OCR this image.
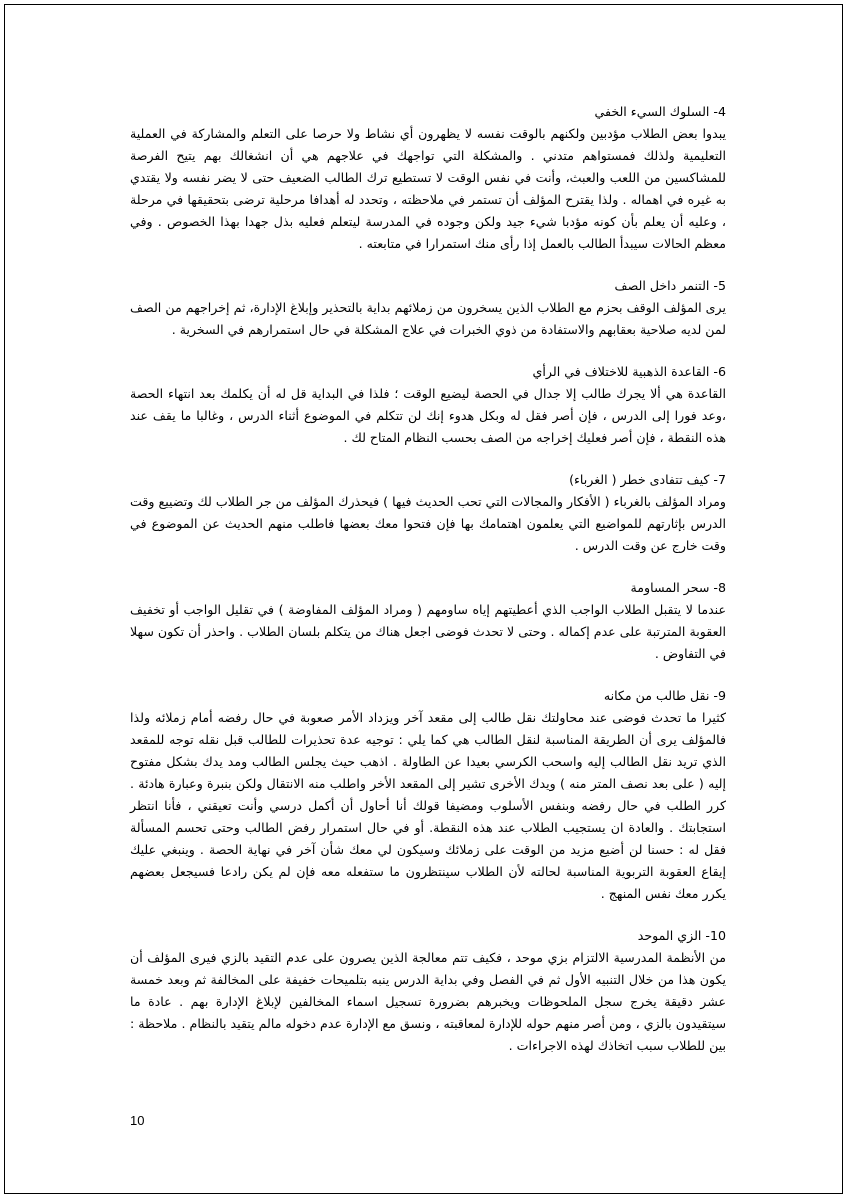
4- السلوك السيء الخفي
يبدوا بعض الطلاب مؤدبين ولكنهم بالوقت نفسه لا يظهرون أي نشاط ولا حرصا على التعلم والمشاركة في العملية التعليمية ولذلك فمستواهم متدني . والمشكلة التي تواجهك في علاجهم هي أن انشغالك بهم يتيح الفرصة للمشاكسين من اللعب والعبث، وأنت في نفس الوقت لا تستطيع ترك الطالب الضعيف حتى لا يضر نفسه ولا يقتدي به غيره في اهماله . ولذا يقترح المؤلف أن تستمر في ملاحظته ، وتحدد له أهدافا مرحلية ترضى بتحقيقها في مرحلة ، وعليه أن يعلم بأن كونه مؤدبا شيء جيد ولكن وجوده في المدرسة ليتعلم فعليه بذل جهدا بهذا الخصوص . وفي معظم الحالات سيبدأ الطالب بالعمل إذا رأى منك استمرارا في متابعته .
5- التنمر داخل الصف
يرى المؤلف الوقف بحزم مع الطلاب الذين يسخرون من زملائهم بداية بالتحذير وإبلاغ الإدارة، ثم إخراجهم من الصف لمن لديه صلاحية بعقابهم والاستفادة من ذوي الخبرات في علاج المشكلة في حال استمرارهم في السخرية .
6- القاعدة الذهبية للاختلاف في الرأي
القاعدة هي ألا يجرك طالب إلا جدال في الحصة ليضيع الوقت ؛ فلذا في البداية قل له أن يكلمك بعد انتهاء الحصة ،وعد فورا إلى الدرس ، فإن أصر فقل له وبكل هدوء إنك لن تتكلم في الموضوع أثناء الدرس ، وغالبا ما يقف عند هذه النقطة ، فإن أصر فعليك إخراجه من الصف بحسب النظام المتاح لك .
7- كيف تتفادى خطر ( الغرباء)
ومراد المؤلف بالغرباء ( الأفكار والمجالات التي تحب الحديث فيها ) فيحذرك المؤلف من جر الطلاب لك وتضييع وقت الدرس بإثارتهم للمواضيع التي يعلمون اهتمامك بها فإن فتحوا معك بعضها فاطلب منهم الحديث عن الموضوع في وقت خارج عن وقت الدرس .
8- سحر المساومة
عندما لا يتقبل الطلاب الواجب الذي أعطيتهم إياه ساومهم ( ومراد المؤلف المفاوضة ) في تقليل الواجب أو تخفيف العقوبة المترتبة على عدم إكماله . وحتى لا تحدث فوضى اجعل هناك من يتكلم بلسان الطلاب . واحذر أن تكون سهلا في التفاوض .
9- نقل طالب من مكانه
كثيرا ما تحدث فوضى عند محاولتك نقل طالب إلى مقعد آخر ويزداد الأمر صعوبة في حال رفضه أمام زملائه ولذا فالمؤلف يرى أن الطريقة المناسبة لنقل الطالب هي كما يلي : توجيه عدة تحذيرات للطالب قبل نقله توجه للمقعد الذي تريد نقل الطالب إليه واسحب الكرسي بعيدا عن الطاولة . اذهب حيث يجلس الطالب ومد يدك بشكل مفتوح إليه ( على بعد نصف المتر منه ) ويدك الأخرى تشير إلى المقعد الأخر واطلب منه الانتقال ولكن بنبرة وعبارة هادئة . كرر الطلب في حال رفضه وبنفس الأسلوب ومضيفا قولك أنا أحاول أن أكمل درسي وأنت تعيقني ، فأنا انتظر استجابتك . والعادة ان يستجيب الطلاب عند هذه النقطة. أو في حال استمرار رفض الطالب وحتى تحسم المسألة فقل له : حسنا لن أضيع مزيد من الوقت على زملائك وسيكون لي معك شأن آخر في نهاية الحصة . وينبغي عليك إيقاع العقوبة التربوية المناسبة لحالته لأن الطلاب سينتظرون ما ستفعله معه فإن لم يكن رادعا فسيجعل بعضهم يكرر معك نفس المنهج .
10- الزي الموحد
من الأنظمة المدرسية الالتزام بزي موحد ، فكيف تتم معالجة الذين يصرون على عدم التقيد بالزي فيرى المؤلف أن يكون هذا من خلال التنبيه الأول ثم في الفصل وفي بداية الدرس ينبه بتلميحات خفيفة على المخالفة ثم وبعد خمسة عشر دقيقة يخرج سجل الملحوظات ويخبرهم بضرورة تسجيل اسماء المخالفين لإبلاغ الإدارة بهم . عادة ما سيتقيدون بالزي ، ومن أصر منهم حوله للإدارة لمعاقبته ، ونسق مع الإدارة عدم دخوله مالم يتقيد بالنظام . ملاحظة : بين للطلاب سبب اتخاذك لهذه الاجراءات .
10
